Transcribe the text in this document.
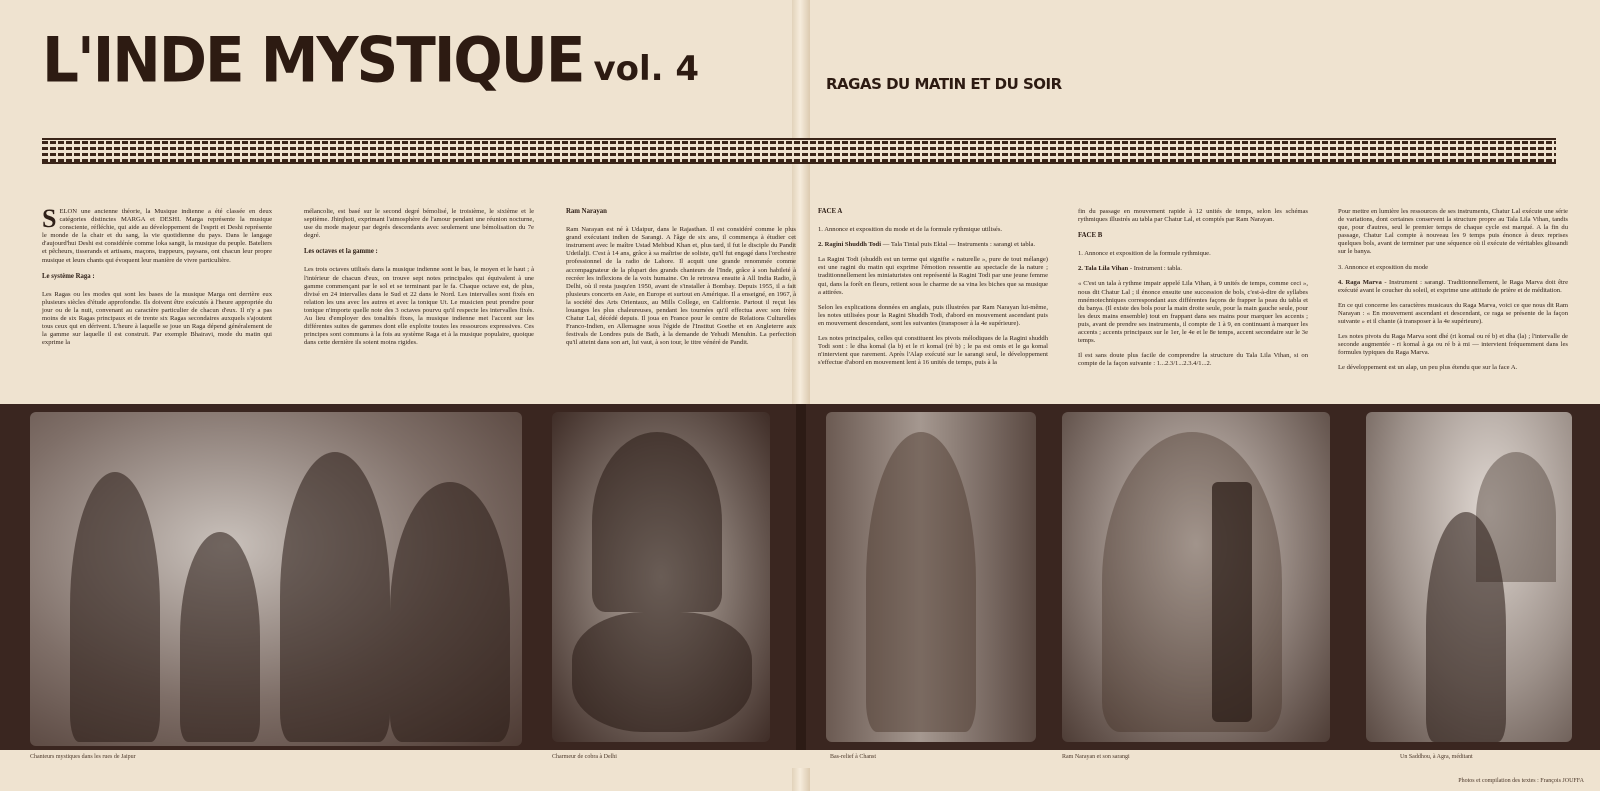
L'INDE MYSTIQUE vol. 4	RAGAS DU MATIN ET DU SOIR

SELON une ancienne théorie, la Musique indienne a été classée en deux catégories distinctes MARGA et DESHI. Marga représente la musique consciente, réfléchie, qui aide au développement de l'esprit et Deshi représente le monde de la chair et du sang, la vie quotidienne du pays. Dans le langage d'aujourd'hui Deshi est considérée comme loka sangit, la musique du peuple. Bateliers et pêcheurs, tisserands et artisans, maçons, trappeurs, paysans, ont chacun leur propre musique et leurs chants qui évoquent leur manière de vivre particulière.

Le système Raga :

Les Ragas ou les modes qui sont les bases de la musique Marga ont derrière eux plusieurs siècles d'étude approfondie. Ils doivent être exécutés à l'heure appropriée du jour ou de la nuit, convenant au caractère particulier de chacun d'eux. Il n'y a pas moins de six Ragas principaux et de trente six Ragas secondaires auxquels s'ajoutent tous ceux qui en dérivent. L'heure à laquelle se joue un Raga dépend généralement de la gamme sur laquelle il est construit. Par exemple Bhairavi, mode du matin qui exprime la

mélancolie, est basé sur le second degré bémolisé, le troisième, le sixième et le septième. Jhinjhoti, exprimant l'atmosphère de l'amour pendant une réunion nocturne, use du mode majeur par degrés descendants avec seulement une bémolisation du 7e degré.

Les octaves et la gamme :

Les trois octaves utilisés dans la musique indienne sont le bas, le moyen et le haut ; à l'intérieur de chacun d'eux, on trouve sept notes principales qui équivalent à une gamme commençant par le sol et se terminant par le fa. Chaque octave est, de plus, divisé en 24 intervalles dans le Sud et 22 dans le Nord. Les intervalles sont fixés en relation les uns avec les autres et avec la tonique Ut. Le musicien peut prendre pour tonique n'importe quelle note des 3 octaves pourvu qu'il respecte les intervalles fixés. Au lieu d'employer des tonalités fixes, la musique indienne met l'accent sur les différentes suites de gammes dont elle exploite toutes les ressources expressives. Ces principes sont communs à la fois au système Raga et à la musique populaire, quoique dans cette dernière ils soient moins rigides.

Ram Narayan

Ram Narayan est né à Udaipur, dans le Rajasthan. Il est considéré comme le plus grand exécutant indien de Sarangi. A l'âge de six ans, il commença à étudier cet instrument avec le maître Ustad Mehbud Khan et, plus tard, il fut le disciple du Pandit Udeilalji. C'est à 14 ans, grâce à sa maîtrise de soliste, qu'il fut engagé dans l'orchestre professionnel de la radio de Lahore. Il acquit une grande renommée comme accompagnateur de la plupart des grands chanteurs de l'Inde, grâce à son habileté à recréer les inflexions de la voix humaine. On le retrouva ensuite à All India Radio, à Delhi, où il resta jusqu'en 1950, avant de s'installer à Bombay. Depuis 1955, il a fait plusieurs concerts en Asie, en Europe et surtout en Amérique. Il a enseigné, en 1967, à la société des Arts Orientaux, au Mills College, en Californie. Partout il reçut les louanges les plus chaleureuses, pendant les tournées qu'il effectua avec son frère Chatur Lal, décédé depuis. Il joua en France pour le centre de Relations Culturelles Franco-Indien, en Allemagne sous l'égide de l'Institut Goethe et en Angleterre aux festivals de Londres puis de Bath, à la demande de Yehudi Menuhin. La perfection qu'il atteint dans son art, lui vaut, à son tour, le titre vénéré de Pandit.

FACE A

1. Annonce et exposition du mode et de la formule rythmique utilisés.

2. Ragini Shuddh Todi — Tala Tintal puis Ektal — Instruments : sarangi et tabla.

La Ragini Todi (shuddh est un terme qui signifie « naturelle », pure de tout mélange) est une ragini du matin qui exprime l'émotion ressentie au spectacle de la nature ; traditionnellement les miniaturistes ont représenté la Ragini Todi par une jeune femme qui, dans la forêt en fleurs, retient sous le charme de sa vina les biches que sa musique a attirées.

Selon les explications données en anglais, puis illustrées par Ram Narayan lui-même, les notes utilisées pour la Ragini Shuddh Todi, d'abord en mouvement ascendant puis en mouvement descendant, sont les suivantes (transposer à la 4e supérieure).

Les notes principales, celles qui constituent les pivots mélodiques de la Ragini shuddh Todi sont : le dha komal (la b) et le ri komal (ré b) ; le pa est omis et le ga komal n'intervient que rarement. Après l'Alap exécuté sur le sarangi seul, le développement s'effectue d'abord en mouvement lent à 16 unités de temps, puis à la

fin du passage en mouvement rapide à 12 unités de temps, selon les schémas rythmiques illustrés au tabla par Chatur Lal, et comptés par Ram Narayan.

FACE B

1. Annonce et exposition de la formule rythmique.

2. Tala Lila Vihan - Instrument : tabla.

« C'est un tala à rythme impair appelé Lila Vihan, à 9 unités de temps, comme ceci », nous dit Chatur Lal ; il énonce ensuite une succession de bols, c'est-à-dire de syllabes mnémotechniques correspondant aux différentes façons de frapper la peau du tabla et du banya. (Il existe des bols pour la main droite seule, pour la main gauche seule, pour les deux mains ensemble) tout en frappant dans ses mains pour marquer les accents ; puis, avant de prendre ses instruments, il compte de 1 à 9, en continuant à marquer les accents ; accents principaux sur le 1er, le 4e et le 8e temps, accent secondaire sur le 3e temps.

Il est sans doute plus facile de comprendre la structure du Tala Lila Vihan, si on compte de la façon suivante : 1...2.3/1...2.3.4/1...2.

Pour mettre en lumière les ressources de ses instruments, Chatur Lal exécute une série de variations, dont certaines conservent la structure propre au Tala Lila Vihan, tandis que, pour d'autres, seul le premier temps de chaque cycle est marqué. A la fin du passage, Chatur Lal compte à nouveau les 9 temps puis énonce à deux reprises quelques bols, avant de terminer par une séquence où il exécute de véritables glissandi sur le banya.

3. Annonce et exposition du mode

4. Raga Marva - Instrument : sarangi. Traditionnellement, le Raga Marva doit être exécuté avant le coucher du soleil, et exprime une attitude de prière et de méditation.

En ce qui concerne les caractères musicaux du Raga Marva, voici ce que nous dit Ram Narayan : « En mouvement ascendant et descendant, ce raga se présente de la façon suivante » et il chante (à transposer à la 4e supérieure).

Les notes pivots du Raga Marva sont dhé (ri komal ou ré b) et dha (la) ; l'intervalle de seconde augmentée - ri komal à ga ou ré b à mi — intervient fréquemment dans les formules typiques du Raga Marva.

Le développement est un alap, un peu plus étendu que sur la face A.

Chanteurs mystiques dans les rues de Jaipur	Charmeur de cobra à Delhi	Bas-relief à Chanst	Ram Narayan et son sarangi	Un Saddhou, à Agra, méditant
Photos et compilation des textes : François JOUFFA
